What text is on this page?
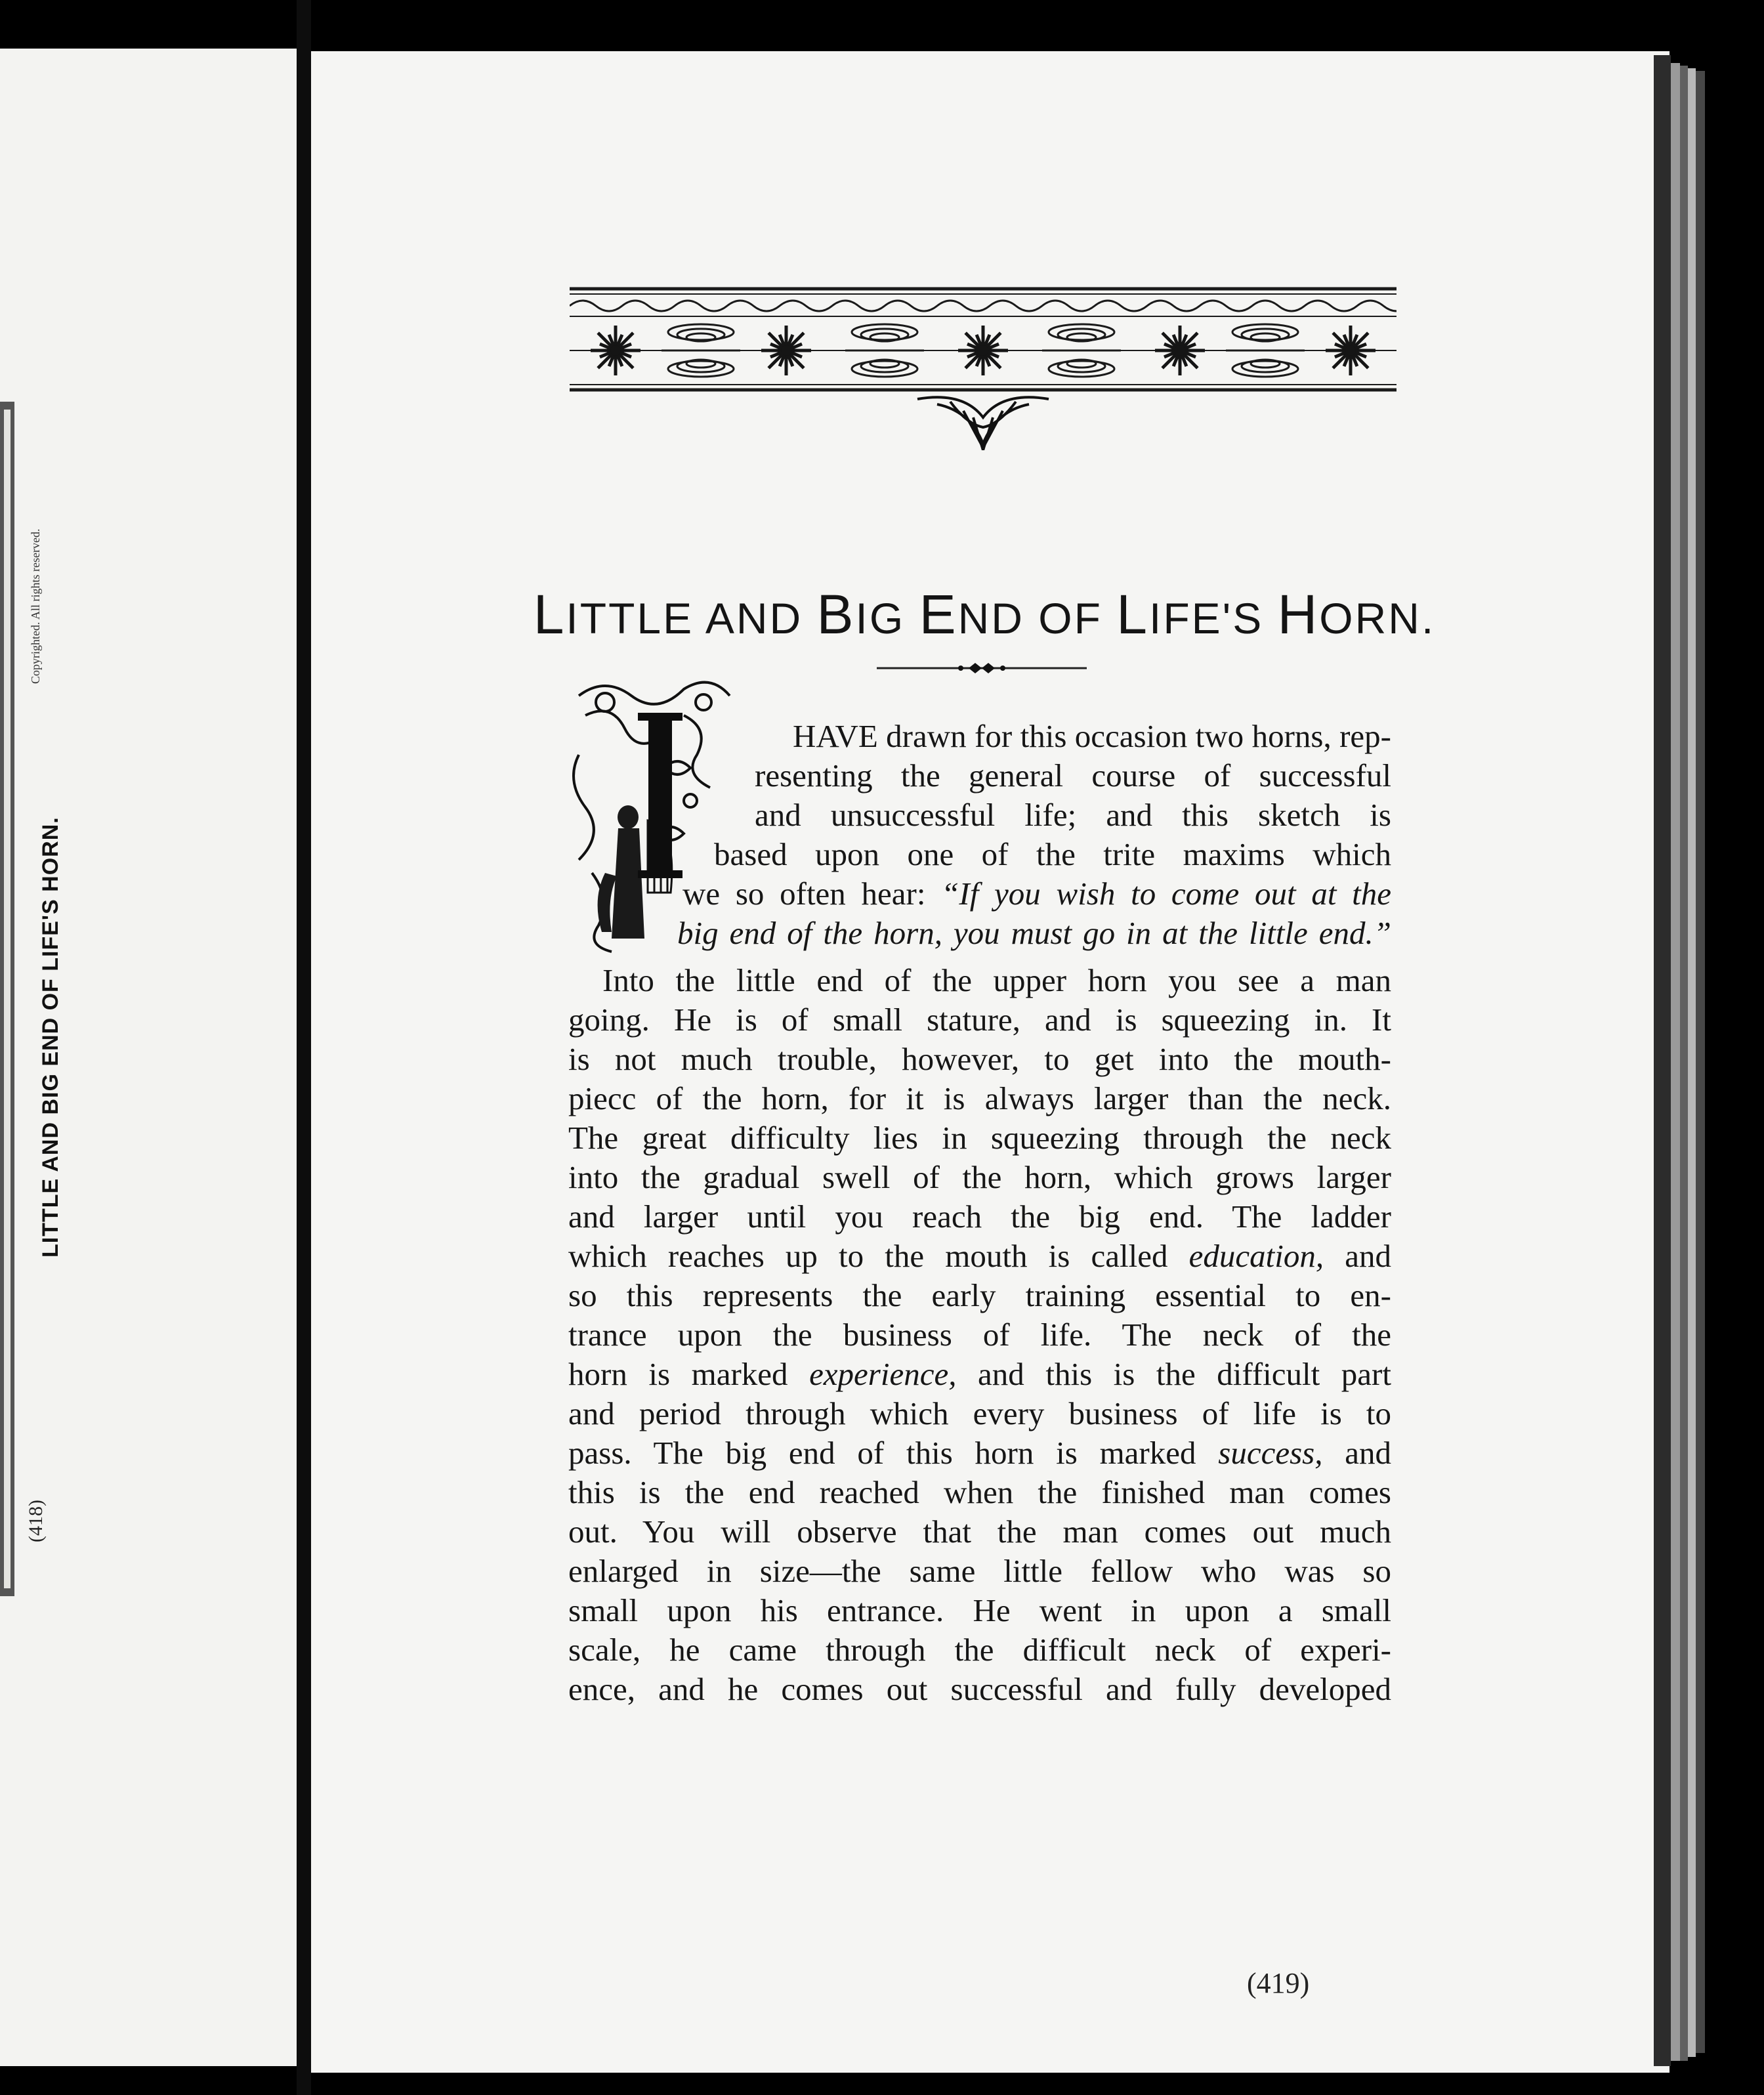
LITTLE AND BIG END OF LIFE'S HORN.
Copyrighted. All rights reserved.
(418)
LITTLE AND BIG END OF LIFE'S HORN.
HAVE drawn for this occasion two horns, rep-
resenting the general course of successful
and unsuccessful life; and this sketch is
based upon one of the trite maxims which
we so often hear: “If you wish to come out at the
big end of the horn, you must go in at the little end.”
Into the little end of the upper horn you see a man
going. He is of small stature, and is squeezing in. It
is not much trouble, however, to get into the mouth-
piecc of the horn, for it is always larger than the neck.
The great difficulty lies in squeezing through the neck
into the gradual swell of the horn, which grows larger
and larger until you reach the big end. The ladder
which reaches up to the mouth is called education, and
so this represents the early training essential to en-
trance upon the business of life. The neck of the
horn is marked experience, and this is the difficult part
and period through which every business of life is to
pass. The big end of this horn is marked success, and
this is the end reached when the finished man comes
out. You will observe that the man comes out much
enlarged in size—the same little fellow who was so
small upon his entrance. He went in upon a small
scale, he came through the difficult neck of experi-
ence, and he comes out successful and fully developed
(419)
